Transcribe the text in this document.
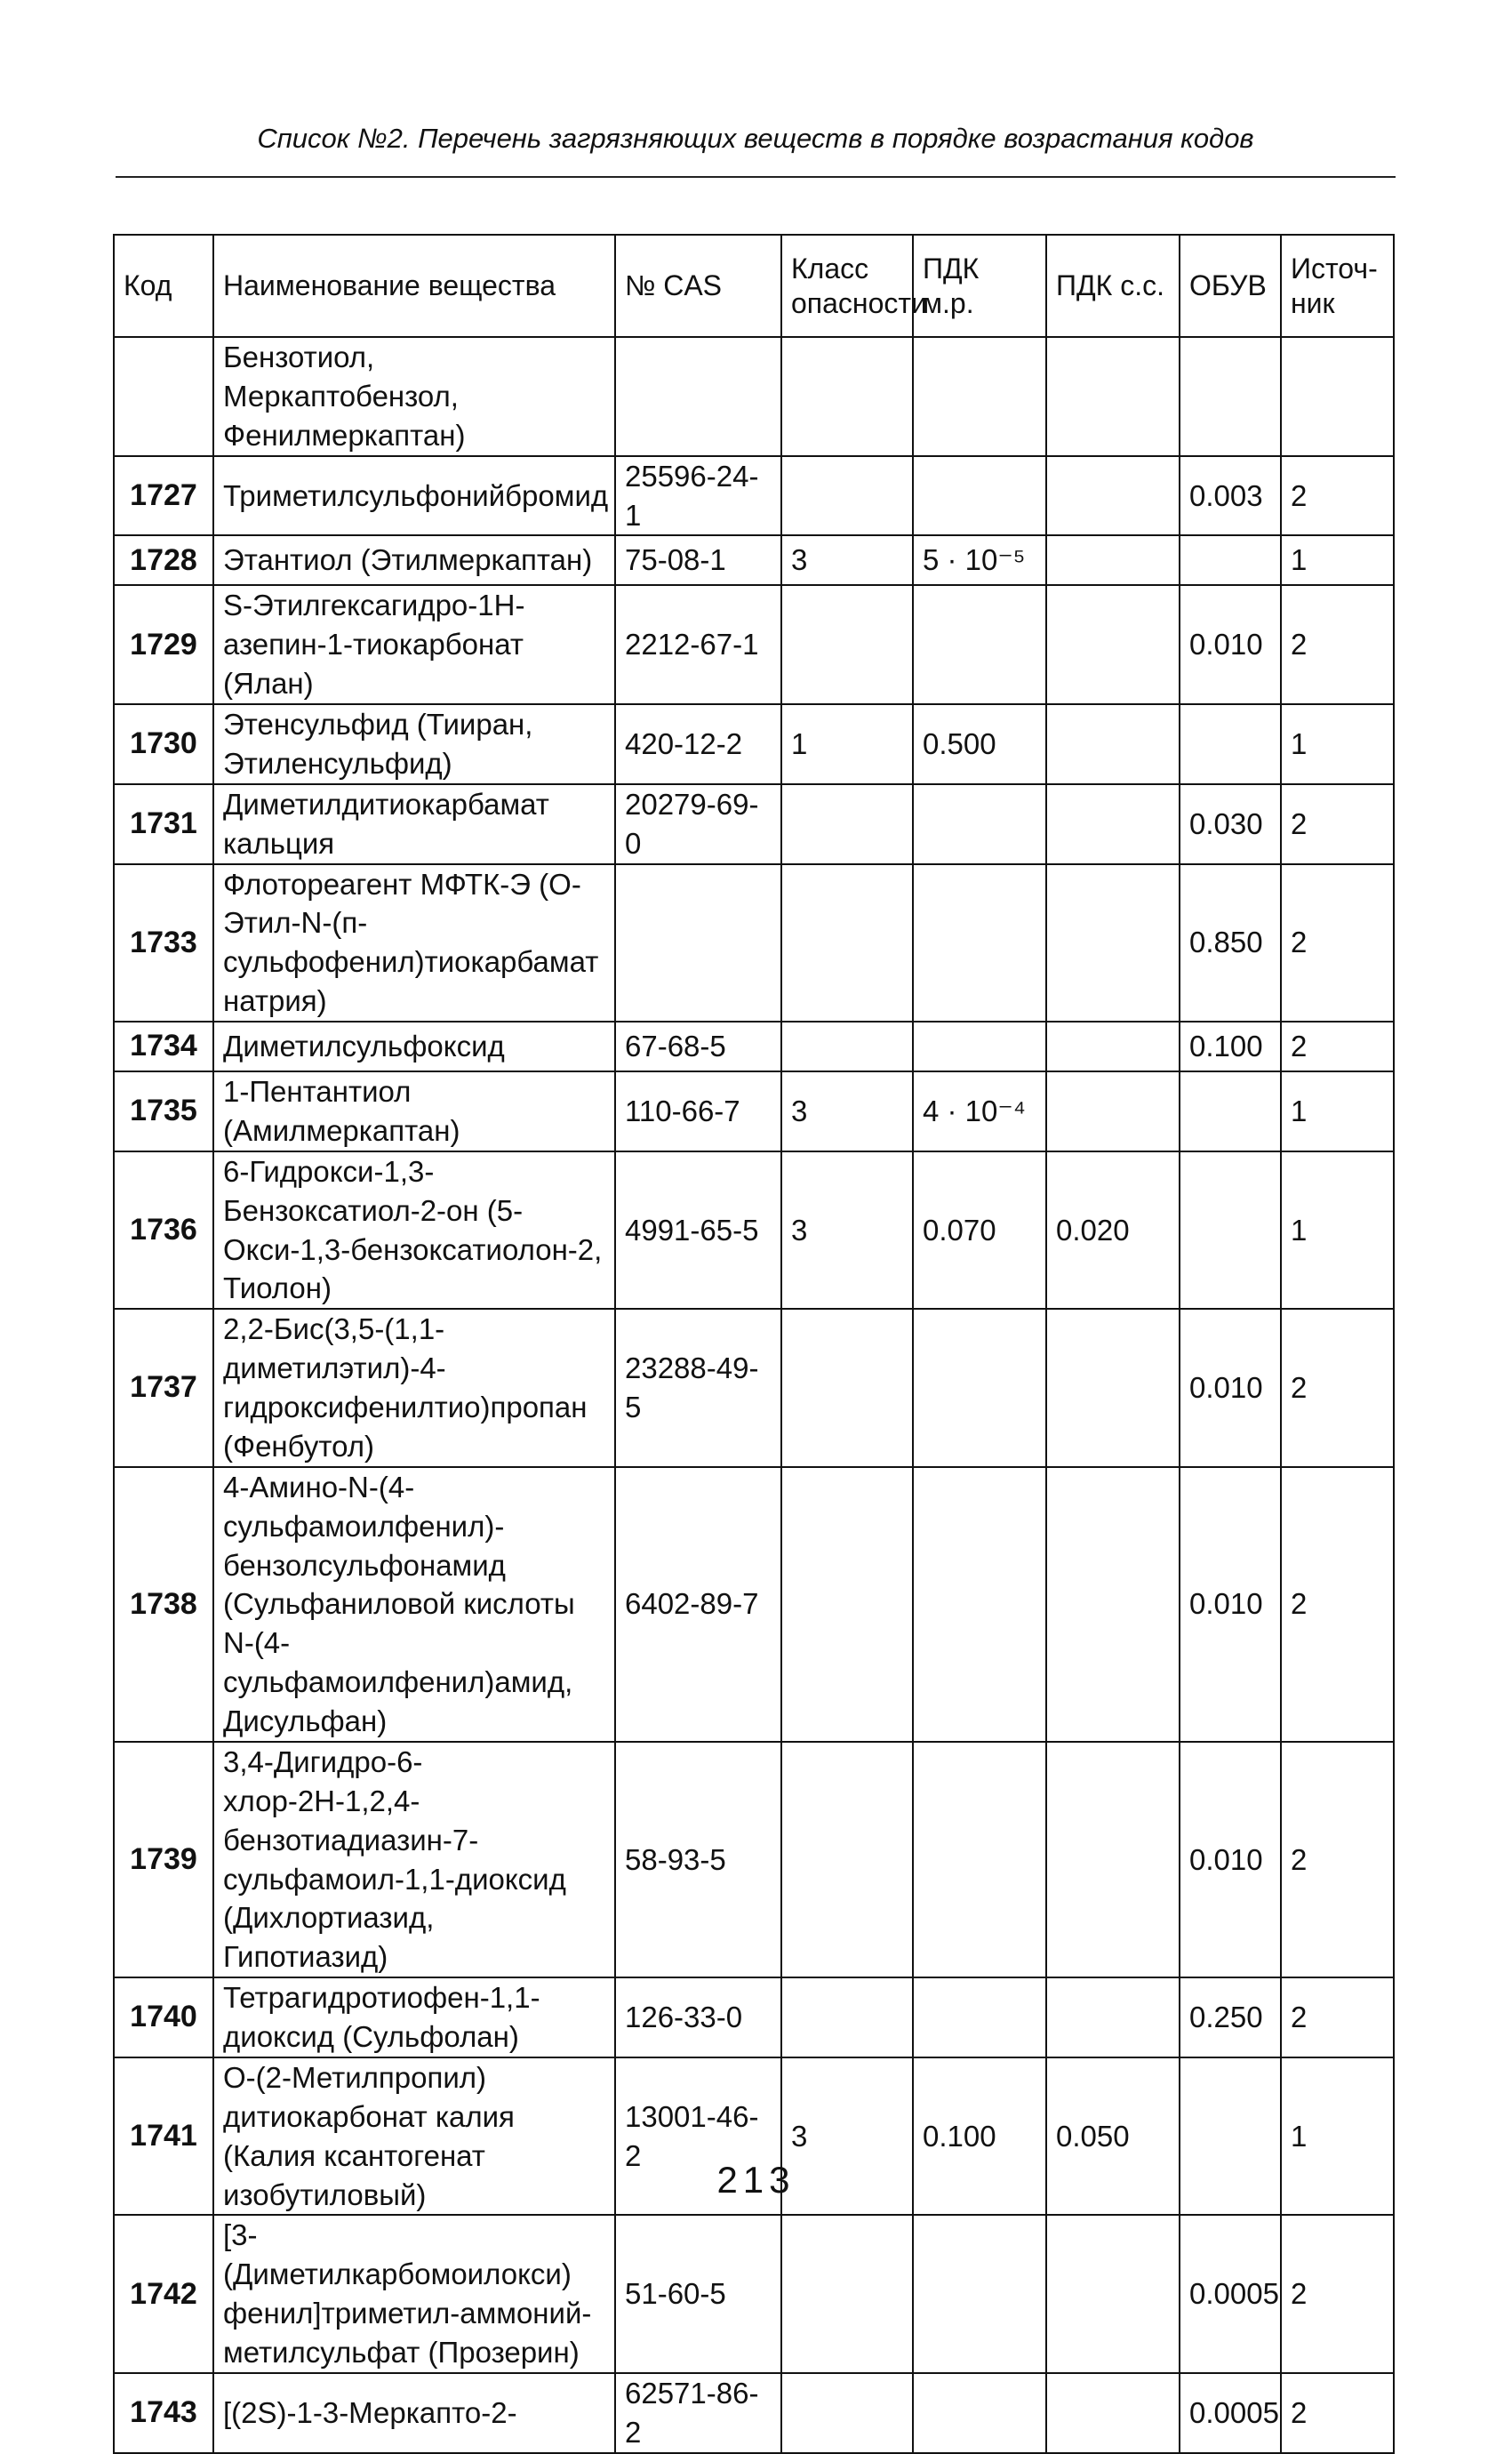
Список №2. Перечень загрязняющих веществ в порядке возрастания кодов
Код	Наименование вещества	№ CAS	Класс опасности	ПДК м.р.	ПДК с.с.	ОБУВ	Источ-ник
	Бензотиол, Меркаптобензол, Фенилмеркаптан)						
1727	Триметилсульфонийбромид	25596-24-1				0.003	2
1728	Этантиол (Этилмеркаптан)	75-08-1	3	5 · 10⁻⁵			1
1729	S-Этилгексагидро-1Н-азепин-1-тиокарбонат (Ялан)	2212-67-1				0.010	2
1730	Этенсульфид (Тииран, Этиленсульфид)	420-12-2	1	0.500			1
1731	Диметилдитиокарбамат кальция	20279-69-0				0.030	2
1733	Флотореагент МФТК-Э (О-Этил-N-(п-сульфофенил)тиокарбамат натрия)					0.850	2
1734	Диметилсульфоксид	67-68-5				0.100	2
1735	1-Пентантиол (Амилмеркаптан)	110-66-7	3	4 · 10⁻⁴			1
1736	6-Гидрокси-1,3-Бензоксатиол-2-он (5-Окси-1,3-бензоксатиолон-2, Тиолон)	4991-65-5	3	0.070	0.020		1
1737	2,2-Бис(3,5-(1,1-диметилэтил)-4-гидроксифенилтио)пропан (Фенбутол)	23288-49-5				0.010	2
1738	4-Амино-N-(4-сульфамоилфенил)-бензолсульфонамид (Сульфаниловой кислоты N-(4-сульфамоилфенил)амид, Дисульфан)	6402-89-7				0.010	2
1739	3,4-Дигидро-6-хлор-2Н-1,2,4-бензотиадиазин-7-сульфамоил-1,1-диоксид (Дихлортиазид, Гипотиазид)	58-93-5				0.010	2
1740	Тетрагидротиофен-1,1-диоксид (Сульфолан)	126-33-0				0.250	2
1741	О-(2-Метилпропил) дитиокарбонат калия (Калия ксантогенат изобутиловый)	13001-46-2	3	0.100	0.050		1
1742	[3-(Диметилкарбомоилокси) фенил]триметил-аммоний-метилсульфат (Прозерин)	51-60-5				0.0005	2
1743	[(2S)-1-3-Меркапто-2-	62571-86-2				0.0005	2
213
